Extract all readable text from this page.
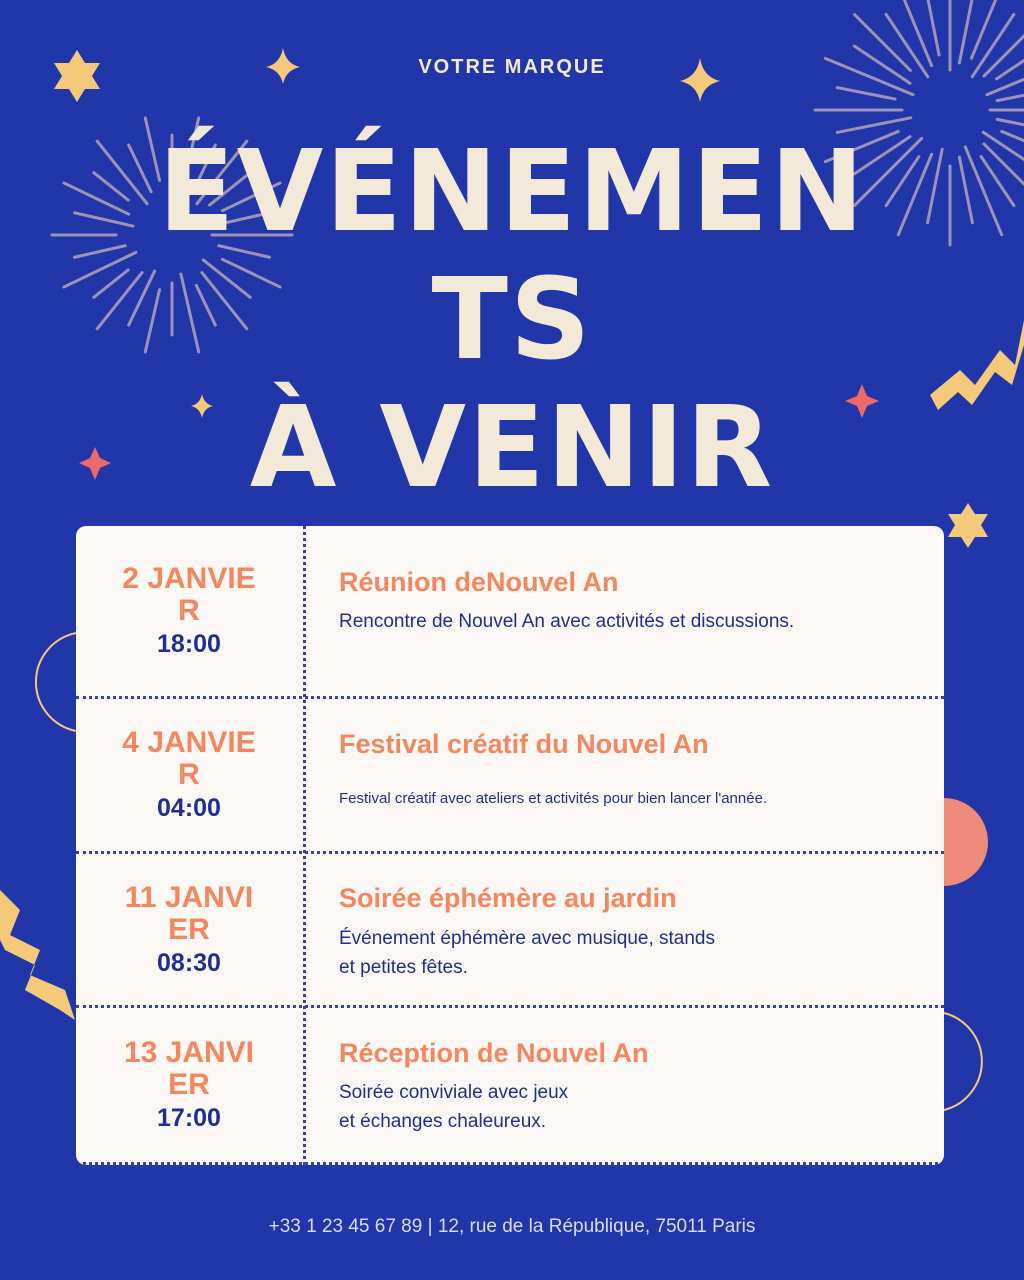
VOTRE MARQUE
ÉVÉNEMEN
TS
À VENIR
2 JANVIER
18:00
Réunion deNouvel An
Rencontre de Nouvel An avec activités et discussions.
4 JANVIER
04:00
Festival créatif du Nouvel An
Festival créatif avec ateliers et activités pour bien lancer l'année.
11 JANVIER
08:30
Soirée éphémère au jardin
Événement éphémère avec musique, stands
et petites fêtes.
13 JANVIER
17:00
Réception de Nouvel An
Soirée conviviale avec jeux
et échanges chaleureux.
+33 1 23 45 67 89 | 12, rue de la République, 75011 Paris
